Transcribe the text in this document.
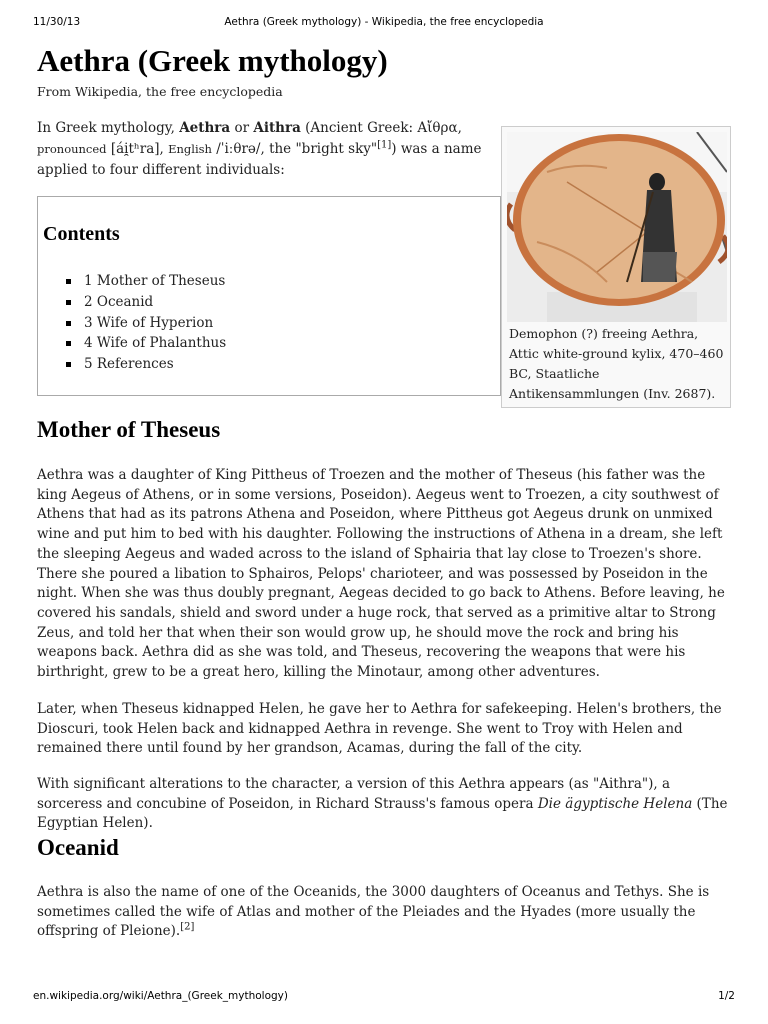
11/30/13	Aethra (Greek mythology) - Wikipedia, the free encyclopedia
Aethra (Greek mythology)
From Wikipedia, the free encyclopedia
In Greek mythology, Aethra or Aithra (Ancient Greek: Αἴθρα,
pronounced [ái̯tʰra], English /ˈiːθrə/, the "bright sky"[1]) was a name applied to four different individuals:
Contents
1 Mother of Theseus
2 Oceanid
3 Wife of Hyperion
4 Wife of Phalanthus
5 References
Demophon (?) freeing Aethra, Attic white-ground kylix, 470–460 BC, Staatliche Antikensammlungen (Inv. 2687).
Mother of Theseus

Aethra was a daughter of King Pittheus of Troezen and the mother of Theseus (his father was the king Aegeus of Athens, or in some versions, Poseidon). Aegeus went to Troezen, a city southwest of Athens that had as its patrons Athena and Poseidon, where Pittheus got Aegeus drunk on unmixed wine and put him to bed with his daughter. Following the instructions of Athena in a dream, she left the sleeping Aegeus and waded across to the island of Sphairia that lay close to Troezen's shore. There she poured a libation to Sphairos, Pelops' charioteer, and was possessed by Poseidon in the night. When she was thus doubly pregnant, Aegeas decided to go back to Athens. Before leaving, he covered his sandals, shield and sword under a huge rock, that served as a primitive altar to Strong Zeus, and told her that when their son would grow up, he should move the rock and bring his weapons back. Aethra did as she was told, and Theseus, recovering the weapons that were his birthright, grew to be a great hero, killing the Minotaur, among other adventures.

Later, when Theseus kidnapped Helen, he gave her to Aethra for safekeeping. Helen's brothers, the Dioscuri, took Helen back and kidnapped Aethra in revenge. She went to Troy with Helen and remained there until found by her grandson, Acamas, during the fall of the city.

With significant alterations to the character, a version of this Aethra appears (as "Aithra"), a sorceress and concubine of Poseidon, in Richard Strauss's famous opera Die ägyptische Helena (The Egyptian Helen).

Oceanid

Aethra is also the name of one of the Oceanids, the 3000 daughters of Oceanus and Tethys. She is sometimes called the wife of Atlas and mother of the Pleiades and the Hyades (more usually the offspring of Pleione).[2]

en.wikipedia.org/wiki/Aethra_(Greek_mythology)	1/2
